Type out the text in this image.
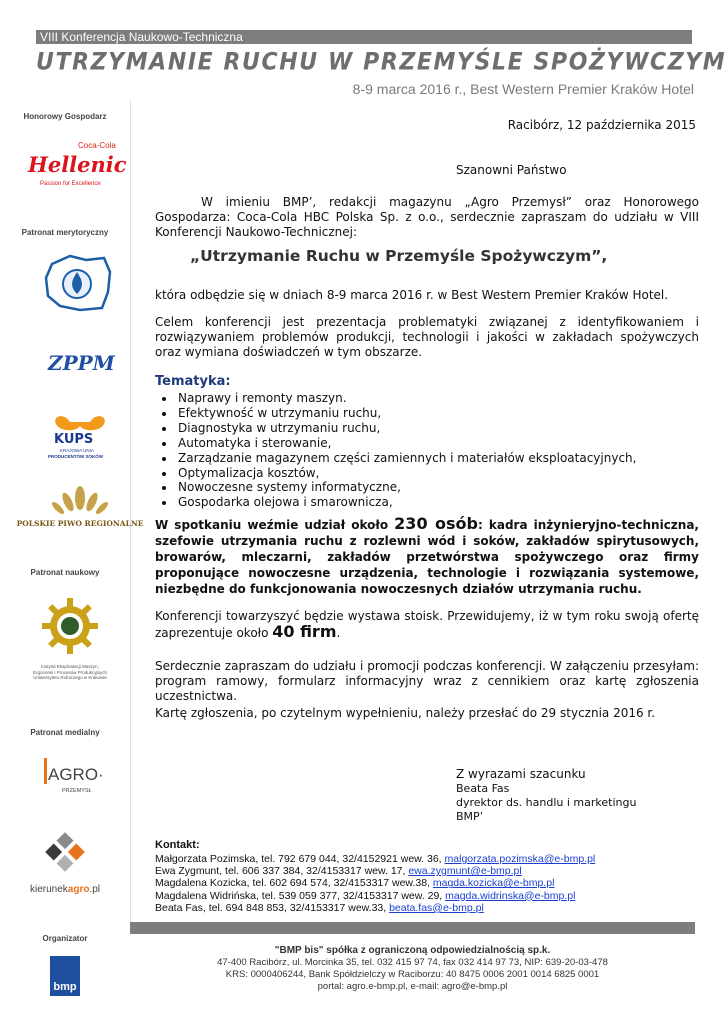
VIII Konferencja Naukowo-Techniczna
UTRZYMANIE RUCHU W PRZEMYŚLE SPOŻYWCZYM
8-9 marca 2016 r., Best Western Premier Kraków Hotel
Honorowy Gospodarz
Coca-Cola
Hellenic
Passion for Excellence
Patronat merytoryczny
ZPPM
KUPS
KRAJOWA UNIA
PRODUCENTÓW SOKÓW
POLSKIE PIWO REGIONALNE
Patronat naukowy
Instytut Eksploatacji Maszyn, Ergonomii i Procesów Produkcyjnych Uniwersytetu Rolniczego w Krakowie
Patronat medialny
AGRO·
PRZEMYSŁ
kierunekagro.pl
Organizator
bmp
Racibórz, 12 października 2015
Szanowni Państwo
W imieniu BMP’, redakcji magazynu „Agro Przemysł” oraz Honorowego Gospodarza: Coca-Cola HBC Polska Sp. z o.o., serdecznie zapraszam do udziału w VIII Konferencji Naukowo-Technicznej:
„Utrzymanie Ruchu w Przemyśle Spożywczym”,
która odbędzie się w dniach 8-9 marca 2016 r. w Best Western Premier Kraków Hotel.
Celem konferencji jest prezentacja problematyki związanej z identyfikowaniem i rozwiązywaniem problemów produkcji, technologii i jakości w zakładach spożywczych oraz wymiana doświadczeń w tym obszarze.
Tematyka:
• Naprawy i remonty maszyn.
• Efektywność w utrzymaniu ruchu,
• Diagnostyka w utrzymaniu ruchu,
• Automatyka i sterowanie,
• Zarządzanie magazynem części zamiennych i materiałów eksploatacyjnych,
• Optymalizacja kosztów,
• Nowoczesne systemy informatyczne,
• Gospodarka olejowa i smarownicza,
W spotkaniu weźmie udział około 230 osób: kadra inżynieryjno-techniczna, szefowie utrzymania ruchu z rozlewni wód i soków, zakładów spirytusowych, browarów, mleczarni, zakładów przetwórstwa spożywczego oraz firmy proponujące nowoczesne urządzenia, technologie i rozwiązania systemowe, niezbędne do funkcjonowania nowoczesnych działów utrzymania ruchu.
Konferencji towarzyszyć będzie wystawa stoisk. Przewidujemy, iż w tym roku swoją ofertę zaprezentuje około 40 firm.
Serdecznie zapraszam do udziału i promocji podczas konferencji. W załączeniu przesyłam: program ramowy, formularz informacyjny wraz z cennikiem oraz kartę zgłoszenia uczestnictwa.
Kartę zgłoszenia, po czytelnym wypełnieniu, należy przesłać do 29 stycznia 2016 r.
Z wyrazami szacunku
Beata Fas
dyrektor ds. handlu i marketingu
BMP’
Kontakt:
Małgorzata Pozimska, tel. 792 679 044, 32/4152921 wew. 36, malgorzata.pozimska@e-bmp.pl
Ewa Zygmunt, tel. 606 337 384, 32/4153317 wew. 17, ewa.zygmunt@e-bmp.pl
Magdalena Kozicka, tel. 602 694 574, 32/4153317 wew.38, magda.kozicka@e-bmp.pl
Magdalena Widrińska, tel. 539 059 377, 32/4153317 wew. 29, magda.widrinska@e-bmp.pl
Beata Fas, tel. 694 848 853, 32/4153317 wew.33, beata.fas@e-bmp.pl
"BMP bis" spółka z ograniczoną odpowiedzialnością sp.k.
47-400 Racibórz, ul. Morcinka 35, tel. 032 415 97 74, fax 032 414 97 73, NIP: 639-20-03-478
KRS: 0000406244, Bank Spółdzielczy w Raciborzu: 40 8475 0006 2001 0014 6825 0001
portal: agro.e-bmp.pl, e-mail: agro@e-bmp.pl
